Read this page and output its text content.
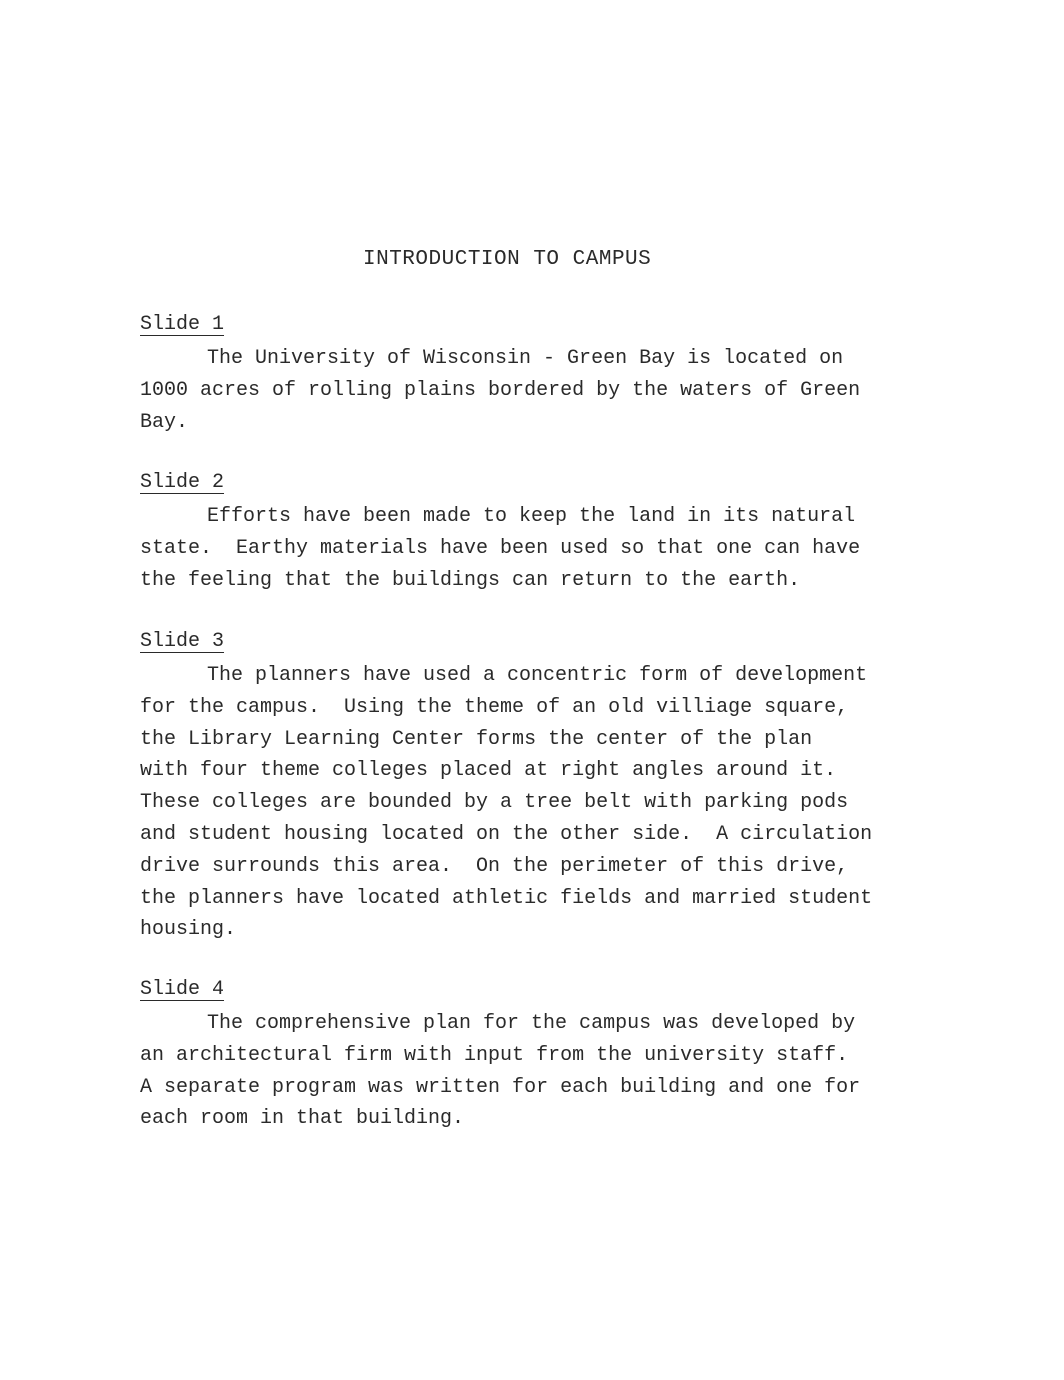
INTRODUCTION TO CAMPUS
Slide 1
The University of Wisconsin - Green Bay is located on
1000 acres of rolling plains bordered by the waters of Green
Bay.
Slide 2
Efforts have been made to keep the land in its natural
state.  Earthy materials have been used so that one can have
the feeling that the buildings can return to the earth.
Slide 3
The planners have used a concentric form of development
for the campus.  Using the theme of an old villiage square,
the Library Learning Center forms the center of the plan
with four theme colleges placed at right angles around it.
These colleges are bounded by a tree belt with parking pods
and student housing located on the other side.  A circulation
drive surrounds this area.  On the perimeter of this drive,
the planners have located athletic fields and married student
housing.
Slide 4
The comprehensive plan for the campus was developed by
an architectural firm with input from the university staff.
A separate program was written for each building and one for
each room in that building.
